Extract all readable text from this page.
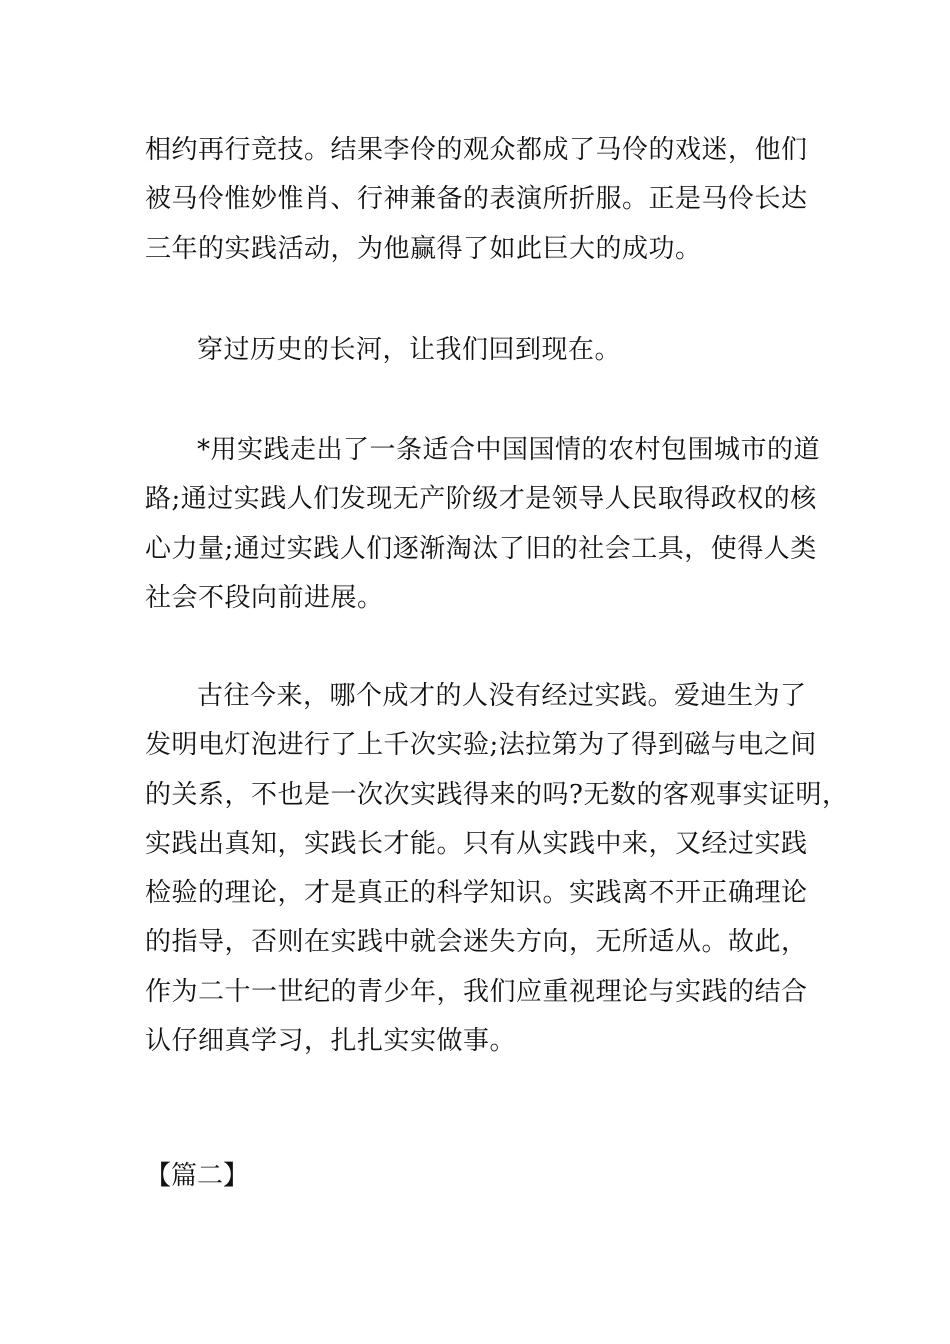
相约再行竞技。结果李伶的观众都成了马伶的戏迷，他们
被马伶惟妙惟肖、行神兼备的表演所折服。正是马伶长达
三年的实践活动，为他赢得了如此巨大的成功。

穿过历史的长河，让我们回到现在。

*用实践走出了一条适合中国国情的农村包围城市的道
路;通过实践人们发现无产阶级才是领导人民取得政权的核
心力量;通过实践人们逐渐淘汰了旧的社会工具，使得人类
社会不段向前进展。

古往今来，哪个成才的人没有经过实践。爱迪生为了
发明电灯泡进行了上千次实验;法拉第为了得到磁与电之间
的关系，不也是一次次实践得来的吗?无数的客观事实证明，
实践出真知，实践长才能。只有从实践中来，又经过实践
检验的理论，才是真正的科学知识。实践离不开正确理论
的指导，否则在实践中就会迷失方向，无所适从。故此，
作为二十一世纪的青少年，我们应重视理论与实践的结合
认仔细真学习，扎扎实实做事。

【篇二】
